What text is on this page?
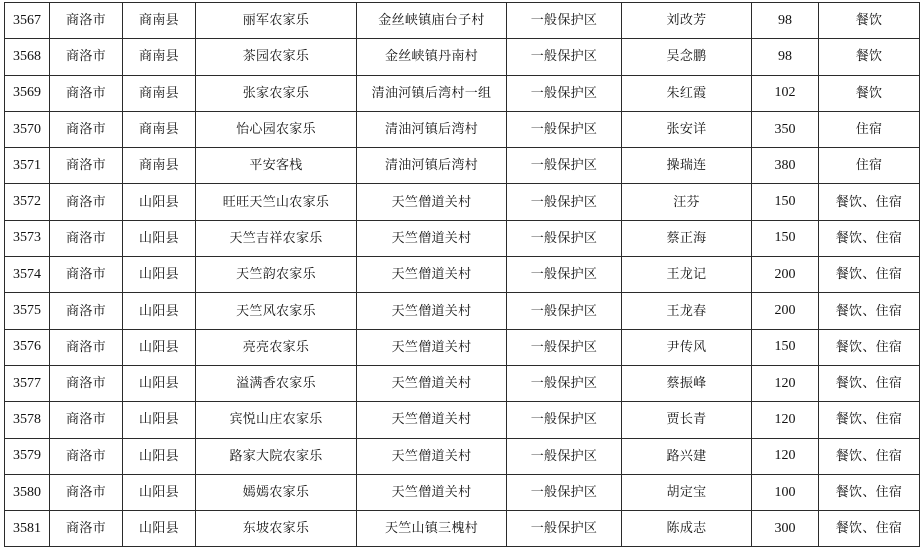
3567	商洛市	商南县	丽军农家乐	金丝峡镇庙台子村	一般保护区	刘改芳	98	餐饮
3568	商洛市	商南县	茶园农家乐	金丝峡镇丹南村	一般保护区	吴念鹏	98	餐饮
3569	商洛市	商南县	张家农家乐	清油河镇后湾村一组	一般保护区	朱红霞	102	餐饮
3570	商洛市	商南县	怡心园农家乐	清油河镇后湾村	一般保护区	张安详	350	住宿
3571	商洛市	商南县	平安客栈	清油河镇后湾村	一般保护区	操瑞连	380	住宿
3572	商洛市	山阳县	旺旺天竺山农家乐	天竺僧道关村	一般保护区	汪芬	150	餐饮、住宿
3573	商洛市	山阳县	天竺吉祥农家乐	天竺僧道关村	一般保护区	蔡正海	150	餐饮、住宿
3574	商洛市	山阳县	天竺韵农家乐	天竺僧道关村	一般保护区	王龙记	200	餐饮、住宿
3575	商洛市	山阳县	天竺风农家乐	天竺僧道关村	一般保护区	王龙春	200	餐饮、住宿
3576	商洛市	山阳县	亮亮农家乐	天竺僧道关村	一般保护区	尹传风	150	餐饮、住宿
3577	商洛市	山阳县	溢满香农家乐	天竺僧道关村	一般保护区	蔡振峰	120	餐饮、住宿
3578	商洛市	山阳县	宾悦山庄农家乐	天竺僧道关村	一般保护区	贾长青	120	餐饮、住宿
3579	商洛市	山阳县	路家大院农家乐	天竺僧道关村	一般保护区	路兴建	120	餐饮、住宿
3580	商洛市	山阳县	嫣嫣农家乐	天竺僧道关村	一般保护区	胡定宝	100	餐饮、住宿
3581	商洛市	山阳县	东坡农家乐	天竺山镇三槐村	一般保护区	陈成志	300	餐饮、住宿
